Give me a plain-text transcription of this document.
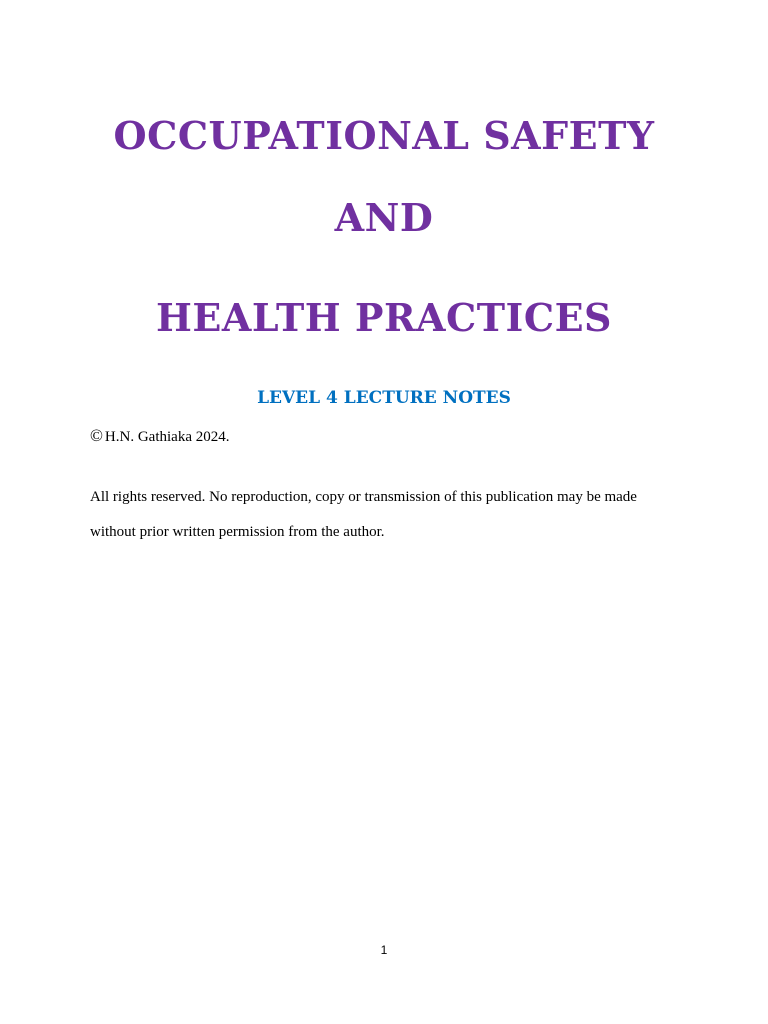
OCCUPATIONAL SAFETY
AND
HEALTH PRACTICES
LEVEL 4 LECTURE NOTES
© H.N. Gathiaka 2024.
All rights reserved. No reproduction, copy or transmission of this publication may be made
without prior written permission from the author.
1
